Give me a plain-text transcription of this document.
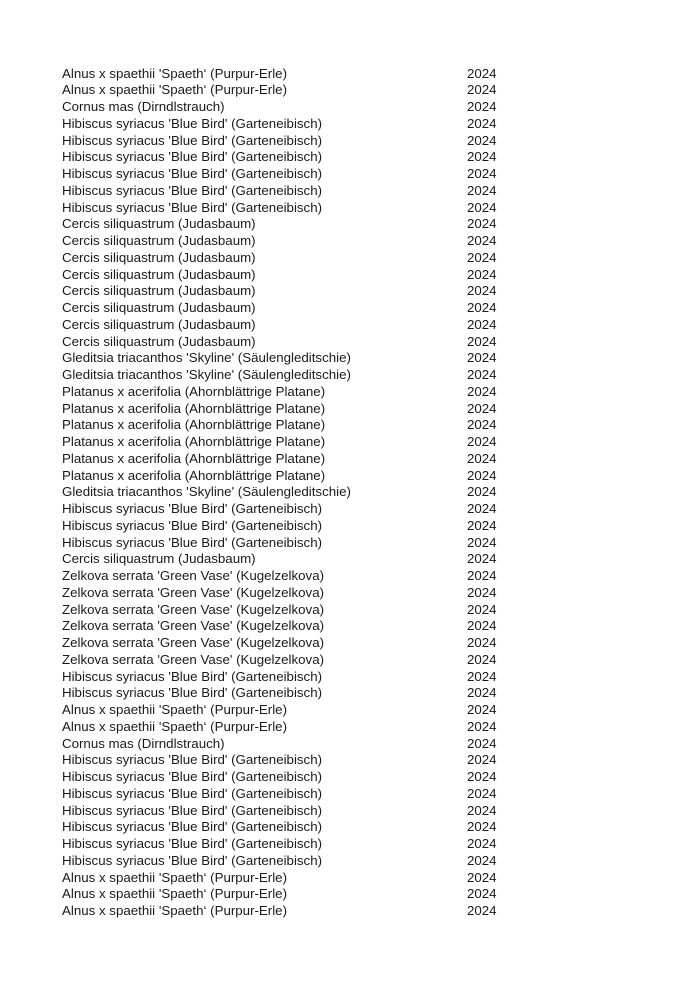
Alnus x spaethii 'Spaeth‘ (Purpur-Erle)	2024
Alnus x spaethii 'Spaeth‘ (Purpur-Erle)	2024
Cornus mas (Dirndlstrauch)	2024
Hibiscus syriacus 'Blue Bird' (Garteneibisch)	2024
Hibiscus syriacus 'Blue Bird' (Garteneibisch)	2024
Hibiscus syriacus 'Blue Bird' (Garteneibisch)	2024
Hibiscus syriacus 'Blue Bird' (Garteneibisch)	2024
Hibiscus syriacus 'Blue Bird' (Garteneibisch)	2024
Hibiscus syriacus 'Blue Bird' (Garteneibisch)	2024
Cercis siliquastrum (Judasbaum)	2024
Cercis siliquastrum (Judasbaum)	2024
Cercis siliquastrum (Judasbaum)	2024
Cercis siliquastrum (Judasbaum)	2024
Cercis siliquastrum (Judasbaum)	2024
Cercis siliquastrum (Judasbaum)	2024
Cercis siliquastrum (Judasbaum)	2024
Cercis siliquastrum (Judasbaum)	2024
Gleditsia triacanthos 'Skyline' (Säulengleditschie)	2024
Gleditsia triacanthos 'Skyline' (Säulengleditschie)	2024
Platanus x acerifolia (Ahornblättrige Platane)	2024
Platanus x acerifolia (Ahornblättrige Platane)	2024
Platanus x acerifolia (Ahornblättrige Platane)	2024
Platanus x acerifolia (Ahornblättrige Platane)	2024
Platanus x acerifolia (Ahornblättrige Platane)	2024
Platanus x acerifolia (Ahornblättrige Platane)	2024
Gleditsia triacanthos 'Skyline' (Säulengleditschie)	2024
Hibiscus syriacus 'Blue Bird' (Garteneibisch)	2024
Hibiscus syriacus 'Blue Bird' (Garteneibisch)	2024
Hibiscus syriacus 'Blue Bird' (Garteneibisch)	2024
Cercis siliquastrum (Judasbaum)	2024
Zelkova serrata 'Green Vase' (Kugelzelkova)	2024
Zelkova serrata 'Green Vase' (Kugelzelkova)	2024
Zelkova serrata 'Green Vase' (Kugelzelkova)	2024
Zelkova serrata 'Green Vase' (Kugelzelkova)	2024
Zelkova serrata 'Green Vase' (Kugelzelkova)	2024
Zelkova serrata 'Green Vase' (Kugelzelkova)	2024
Hibiscus syriacus 'Blue Bird' (Garteneibisch)	2024
Hibiscus syriacus 'Blue Bird' (Garteneibisch)	2024
Alnus x spaethii 'Spaeth‘ (Purpur-Erle)	2024
Alnus x spaethii 'Spaeth‘ (Purpur-Erle)	2024
Cornus mas (Dirndlstrauch)	2024
Hibiscus syriacus 'Blue Bird' (Garteneibisch)	2024
Hibiscus syriacus 'Blue Bird' (Garteneibisch)	2024
Hibiscus syriacus 'Blue Bird' (Garteneibisch)	2024
Hibiscus syriacus 'Blue Bird' (Garteneibisch)	2024
Hibiscus syriacus 'Blue Bird' (Garteneibisch)	2024
Hibiscus syriacus 'Blue Bird' (Garteneibisch)	2024
Hibiscus syriacus 'Blue Bird' (Garteneibisch)	2024
Alnus x spaethii 'Spaeth‘ (Purpur-Erle)	2024
Alnus x spaethii 'Spaeth‘ (Purpur-Erle)	2024
Alnus x spaethii 'Spaeth‘ (Purpur-Erle)	2024
